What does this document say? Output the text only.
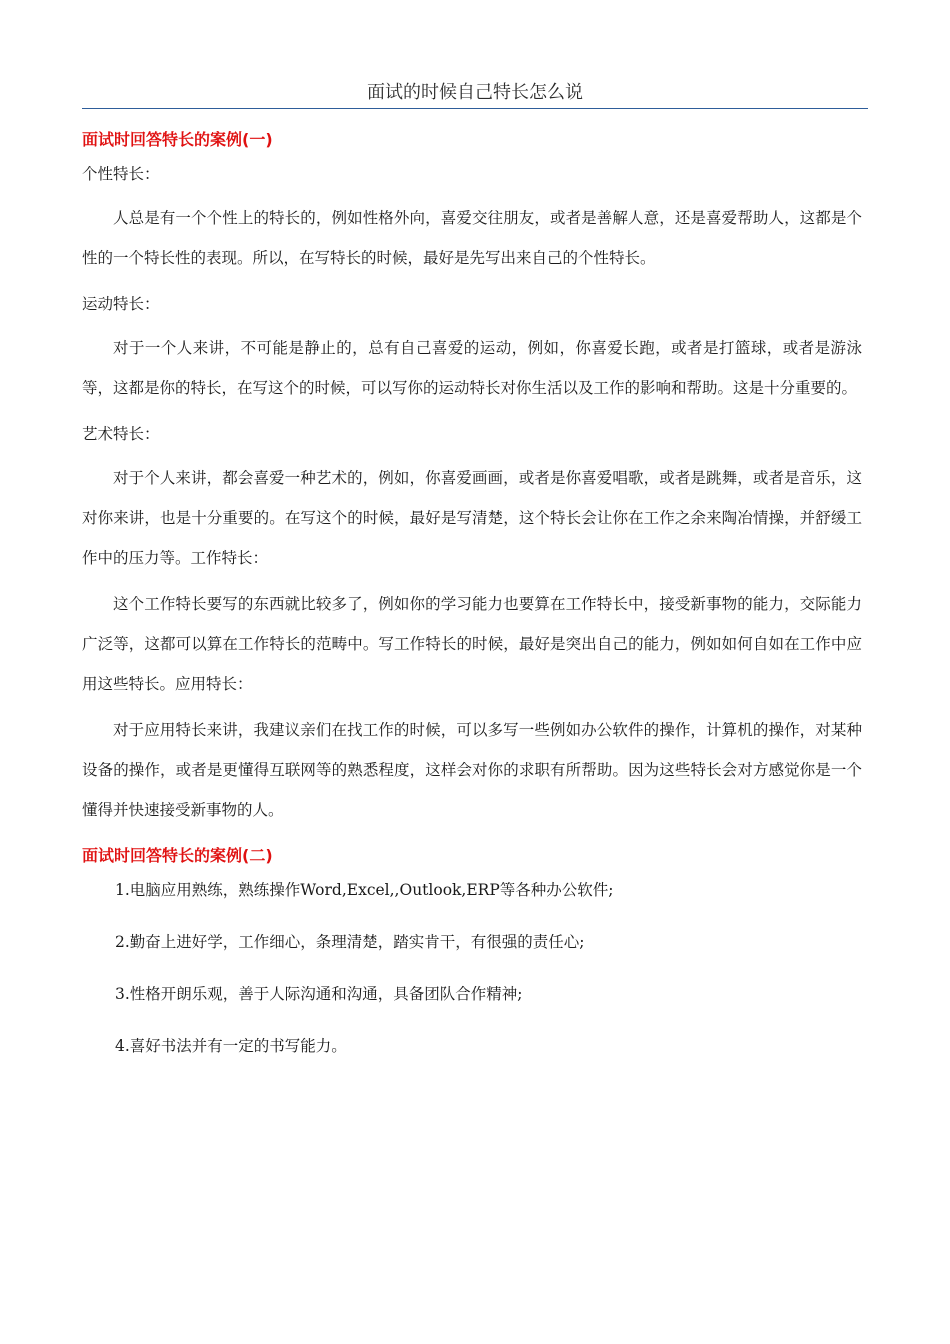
面试的时候自己特长怎么说

面试时回答特长的案例(一)

个性特长：

人总是有一个个性上的特长的，例如性格外向，喜爱交往朋友，或者是善解人意，还是喜爱帮助人，这都是个性的一个特长性的表现。所以，在写特长的时候，最好是先写出来自己的个性特长。

运动特长：

对于一个人来讲，不可能是静止的，总有自己喜爱的运动，例如，你喜爱长跑，或者是打篮球，或者是游泳等，这都是你的特长，在写这个的时候，可以写你的运动特长对你生活以及工作的影响和帮助。这是十分重要的。

艺术特长：

对于个人来讲，都会喜爱一种艺术的，例如，你喜爱画画，或者是你喜爱唱歌，或者是跳舞，或者是音乐，这对你来讲，也是十分重要的。在写这个的时候，最好是写清楚，这个特长会让你在工作之余来陶冶情操，并舒缓工作中的压力等。工作特长：

这个工作特长要写的东西就比较多了，例如你的学习能力也要算在工作特长中，接受新事物的能力，交际能力广泛等，这都可以算在工作特长的范畴中。写工作特长的时候，最好是突出自己的能力，例如如何自如在工作中应用这些特长。应用特长：

对于应用特长来讲，我建议亲们在找工作的时候，可以多写一些例如办公软件的操作，计算机的操作，对某种设备的操作，或者是更懂得互联网等的熟悉程度，这样会对你的求职有所帮助。因为这些特长会对方感觉你是一个懂得并快速接受新事物的人。

面试时回答特长的案例(二)

1.电脑应用熟练，熟练操作Word,Excel,,Outlook,ERP等各种办公软件;

2.勤奋上进好学，工作细心，条理清楚，踏实肯干，有很强的责任心;

3.性格开朗乐观，善于人际沟通和沟通，具备团队合作精神;

4.喜好书法并有一定的书写能力。
